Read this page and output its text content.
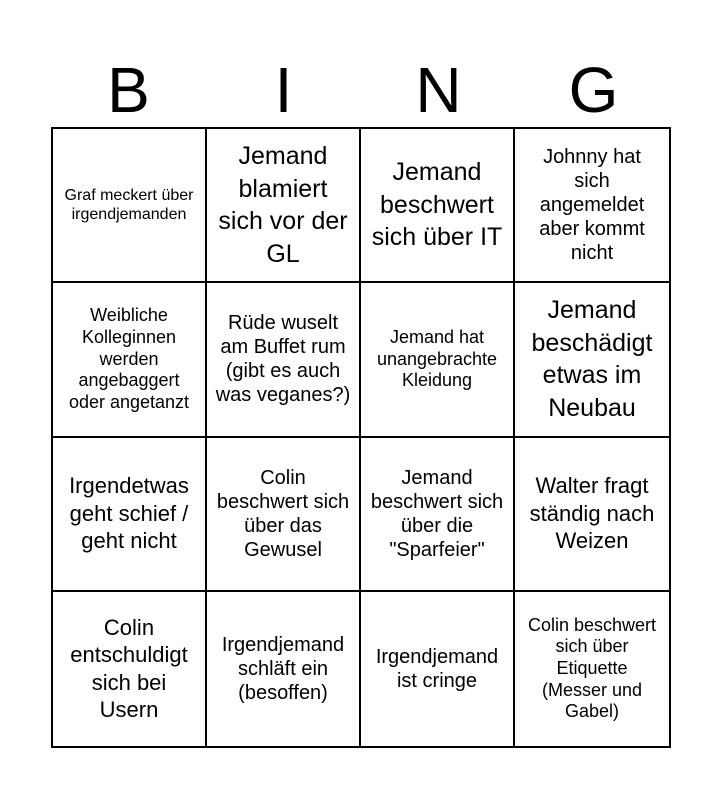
B	I	N	G
Graf meckert über irgendjemanden
Jemand blamiert sich vor der GL
Jemand beschwert sich über IT
Johnny hat sich angemeldet aber kommt nicht
Weibliche Kolleginnen werden angebaggert oder angetanzt
Rüde wuselt am Buffet rum (gibt es auch was veganes?)
Jemand hat unangebrachte Kleidung
Jemand beschädigt etwas im Neubau
Irgendetwas geht schief / geht nicht
Colin beschwert sich über das Gewusel
Jemand beschwert sich über die "Sparfeier"
Walter fragt ständig nach Weizen
Colin entschuldigt sich bei Usern
Irgendjemand schläft ein (besoffen)
Irgendjemand ist cringe
Colin beschwert sich über Etiquette (Messer und Gabel)
